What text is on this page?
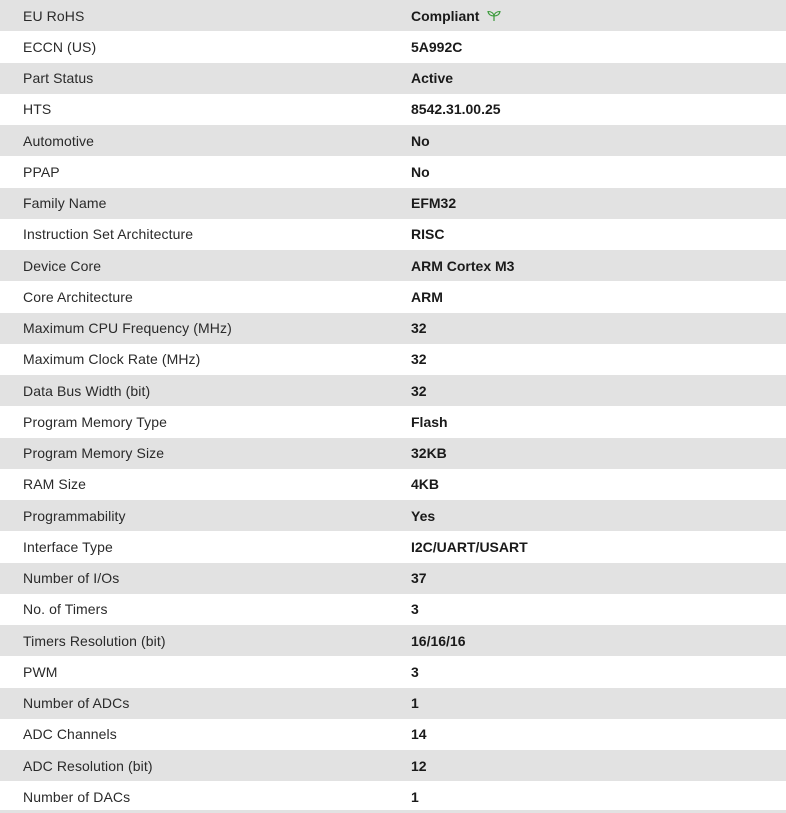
EU RoHS	Compliant
ECCN (US)	5A992C
Part Status	Active
HTS	8542.31.00.25
Automotive	No
PPAP	No
Family Name	EFM32
Instruction Set Architecture	RISC
Device Core	ARM Cortex M3
Core Architecture	ARM
Maximum CPU Frequency (MHz)	32
Maximum Clock Rate (MHz)	32
Data Bus Width (bit)	32
Program Memory Type	Flash
Program Memory Size	32KB
RAM Size	4KB
Programmability	Yes
Interface Type	I2C/UART/USART
Number of I/Os	37
No. of Timers	3
Timers Resolution (bit)	16/16/16
PWM	3
Number of ADCs	1
ADC Channels	14
ADC Resolution (bit)	12
Number of DACs	1
